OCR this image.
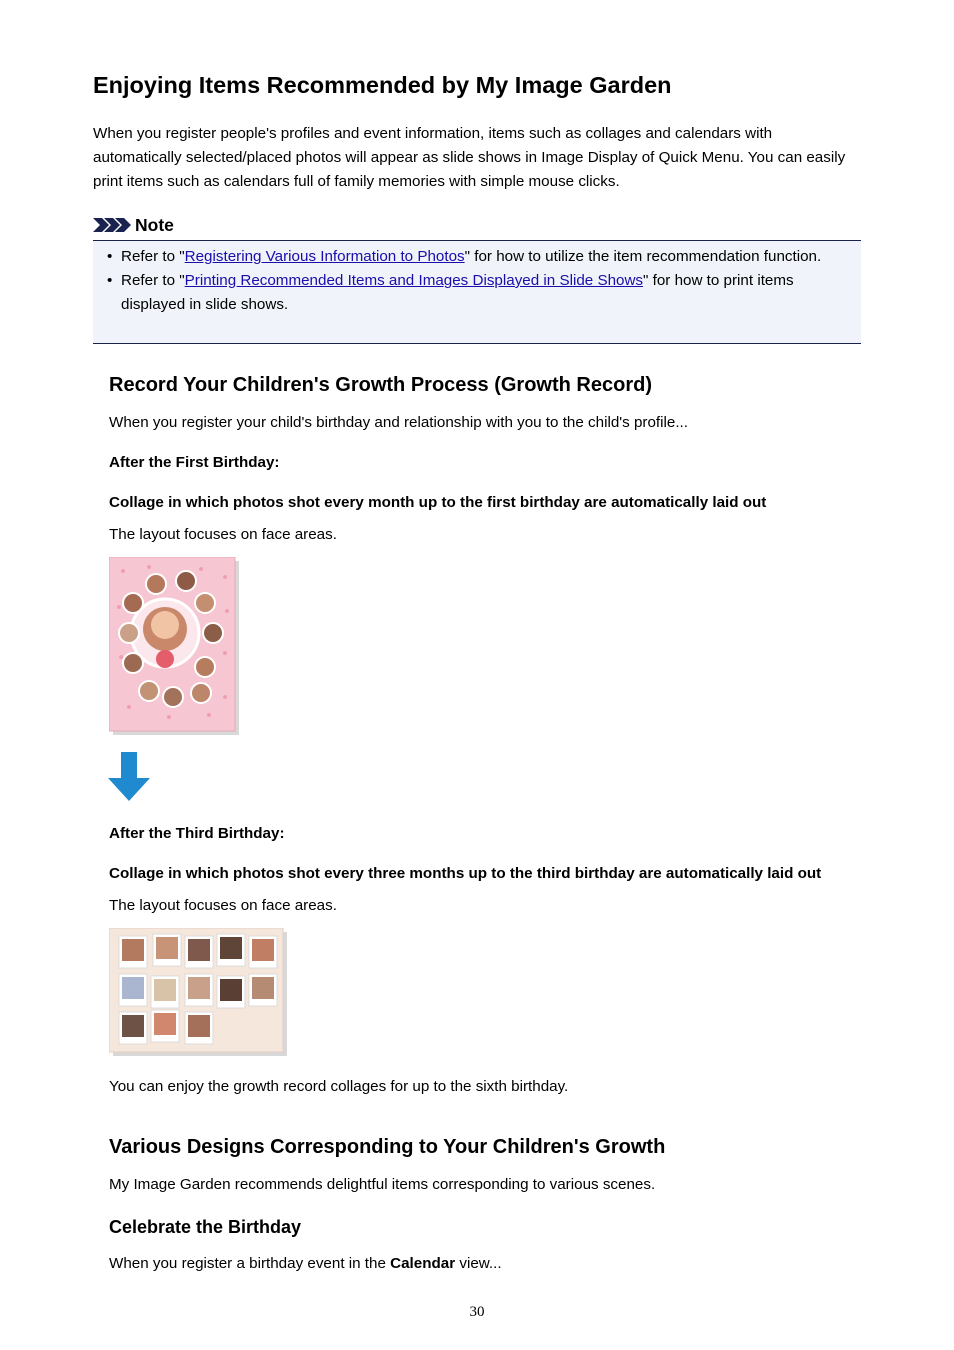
Enjoying Items Recommended by My Image Garden

When you register people's profiles and event information, items such as collages and calendars with automatically selected/placed photos will appear as slide shows in Image Display of Quick Menu. You can easily print items such as calendars full of family memories with simple mouse clicks.

Note
• Refer to "Registering Various Information to Photos" for how to utilize the item recommendation function.
• Refer to "Printing Recommended Items and Images Displayed in Slide Shows" for how to print items displayed in slide shows.
Record Your Children's Growth Process (Growth Record)

When you register your child's birthday and relationship with you to the child's profile...

After the First Birthday:

Collage in which photos shot every month up to the first birthday are automatically laid out

The layout focuses on face areas.

After the Third Birthday:

Collage in which photos shot every three months up to the third birthday are automatically laid out

The layout focuses on face areas.

You can enjoy the growth record collages for up to the sixth birthday.

Various Designs Corresponding to Your Children's Growth

My Image Garden recommends delightful items corresponding to various scenes.

Celebrate the Birthday

When you register a birthday event in the Calendar view...

30
